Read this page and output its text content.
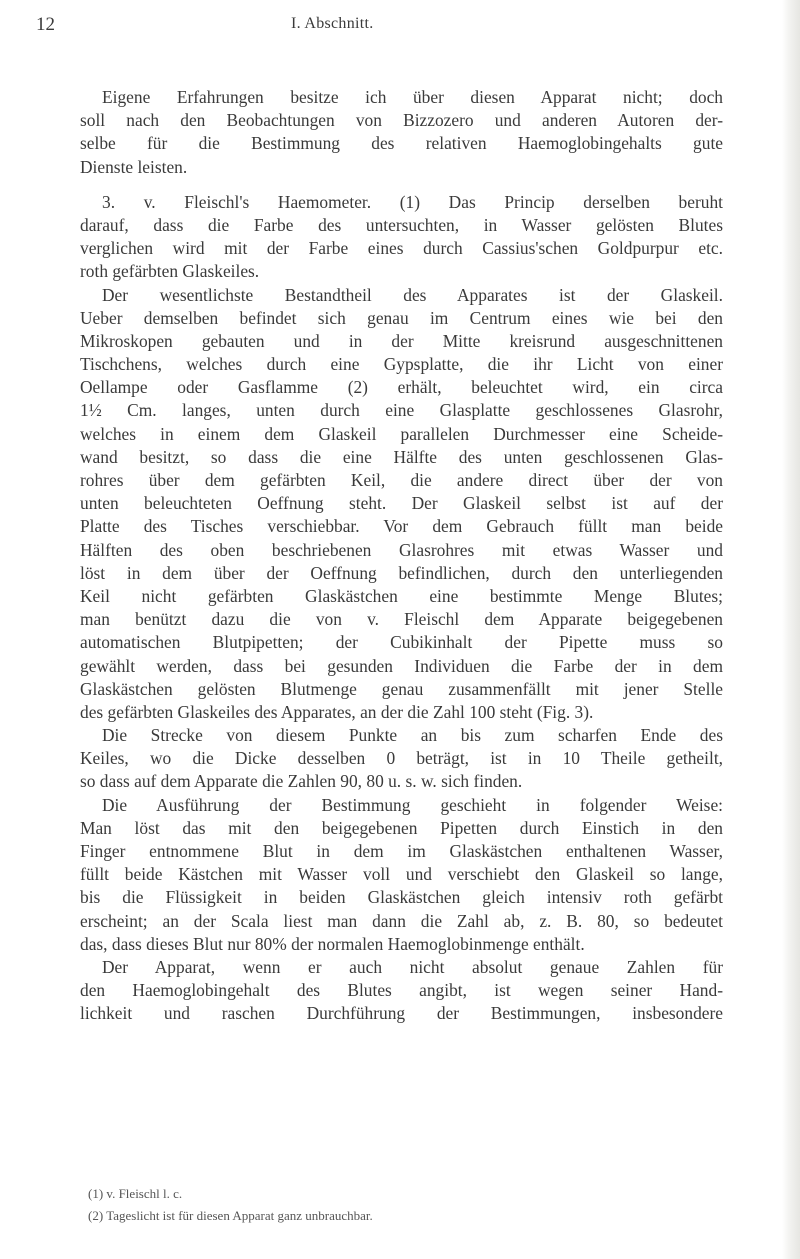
12	I. Abschnitt.
Eigene Erfahrungen besitze ich über diesen Apparat nicht; doch
soll nach den Beobachtungen von Bizzozero und anderen Autoren der-
selbe für die Bestimmung des relativen Haemoglobingehalts gute
Dienste leisten.
3. v. Fleischl's Haemometer. (1) Das Princip derselben beruht
darauf, dass die Farbe des untersuchten, in Wasser gelösten Blutes
verglichen wird mit der Farbe eines durch Cassius'schen Goldpurpur etc.
roth gefärbten Glaskeiles.
Der wesentlichste Bestandtheil des Apparates ist der Glaskeil.
Ueber demselben befindet sich genau im Centrum eines wie bei den
Mikroskopen gebauten und in der Mitte kreisrund ausgeschnittenen
Tischchens, welches durch eine Gypsplatte, die ihr Licht von einer
Oellampe oder Gasflamme (2) erhält, beleuchtet wird, ein circa
1½ Cm. langes, unten durch eine Glasplatte geschlossenes Glasrohr,
welches in einem dem Glaskeil parallelen Durchmesser eine Scheide-
wand besitzt, so dass die eine Hälfte des unten geschlossenen Glas-
rohres über dem gefärbten Keil, die andere direct über der von
unten beleuchteten Oeffnung steht. Der Glaskeil selbst ist auf der
Platte des Tisches verschiebbar. Vor dem Gebrauch füllt man beide
Hälften des oben beschriebenen Glasrohres mit etwas Wasser und
löst in dem über der Oeffnung befindlichen, durch den unterliegenden
Keil nicht gefärbten Glaskästchen eine bestimmte Menge Blutes;
man benützt dazu die von v. Fleischl dem Apparate beigegebenen
automatischen Blutpipetten; der Cubikinhalt der Pipette muss so
gewählt werden, dass bei gesunden Individuen die Farbe der in dem
Glaskästchen gelösten Blutmenge genau zusammenfällt mit jener Stelle
des gefärbten Glaskeiles des Apparates, an der die Zahl 100 steht (Fig. 3).
Die Strecke von diesem Punkte an bis zum scharfen Ende des
Keiles, wo die Dicke desselben 0 beträgt, ist in 10 Theile getheilt,
so dass auf dem Apparate die Zahlen 90, 80 u. s. w. sich finden.
Die Ausführung der Bestimmung geschieht in folgender Weise:
Man löst das mit den beigegebenen Pipetten durch Einstich in den
Finger entnommene Blut in dem im Glaskästchen enthaltenen Wasser,
füllt beide Kästchen mit Wasser voll und verschiebt den Glaskeil so lange,
bis die Flüssigkeit in beiden Glaskästchen gleich intensiv roth gefärbt
erscheint; an der Scala liest man dann die Zahl ab, z. B. 80, so bedeutet
das, dass dieses Blut nur 80% der normalen Haemoglobinmenge enthält.
Der Apparat, wenn er auch nicht absolut genaue Zahlen für
den Haemoglobingehalt des Blutes angibt, ist wegen seiner Hand-
lichkeit und raschen Durchführung der Bestimmungen, insbesondere
(1) v. Fleischl l. c.
(2) Tageslicht ist für diesen Apparat ganz unbrauchbar.
